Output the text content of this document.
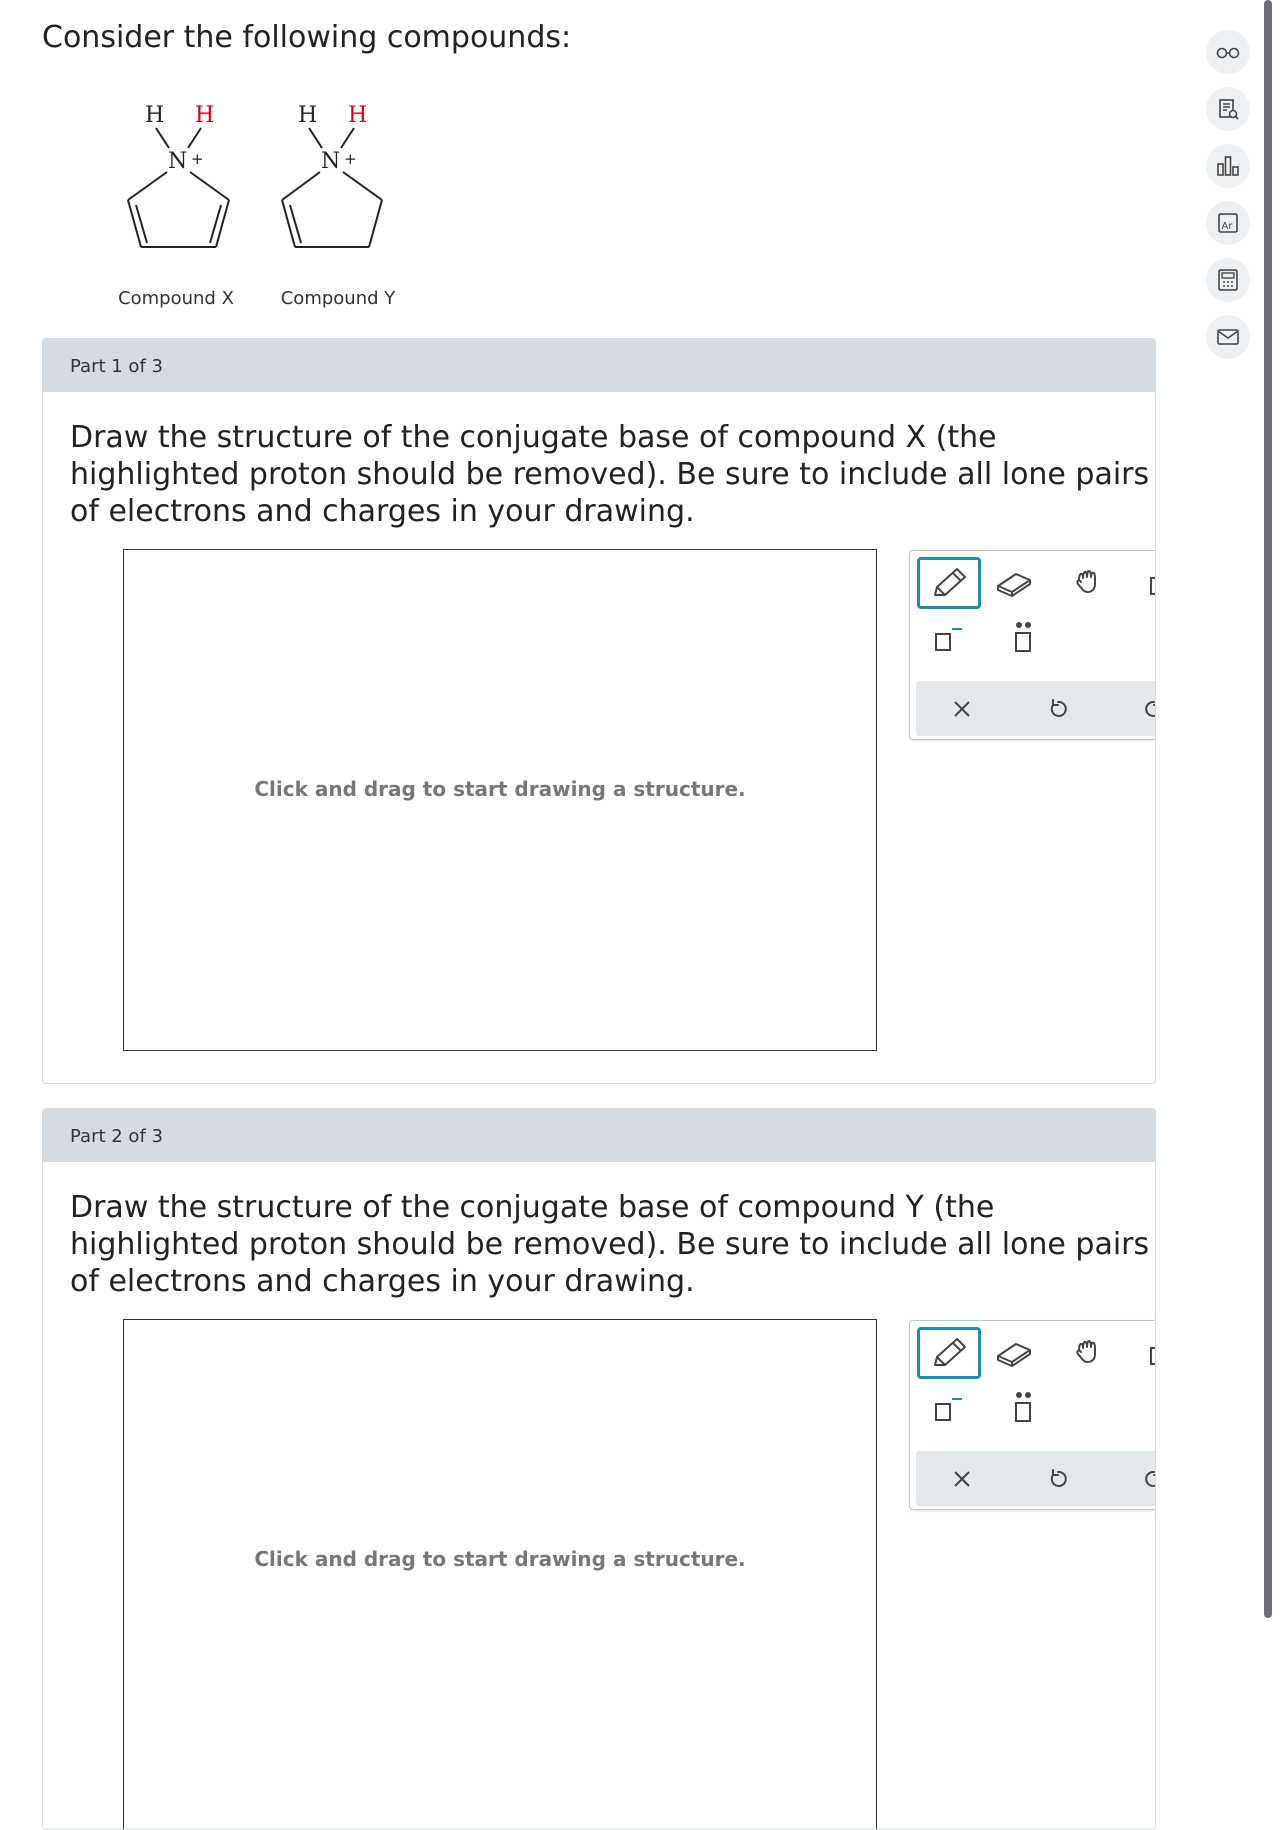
Consider the following compounds:
H H
N +
Compound X
H H
N +
Compound Y
Part 1 of 3

Draw the structure of the conjugate base of compound X (the highlighted proton should be removed). Be sure to include all lone pairs of electrons and charges in your drawing.

Click and drag to start drawing a structure.
Part 2 of 3

Draw the structure of the conjugate base of compound Y (the highlighted proton should be removed). Be sure to include all lone pairs of electrons and charges in your drawing.

Click and drag to start drawing a structure.
Ar
